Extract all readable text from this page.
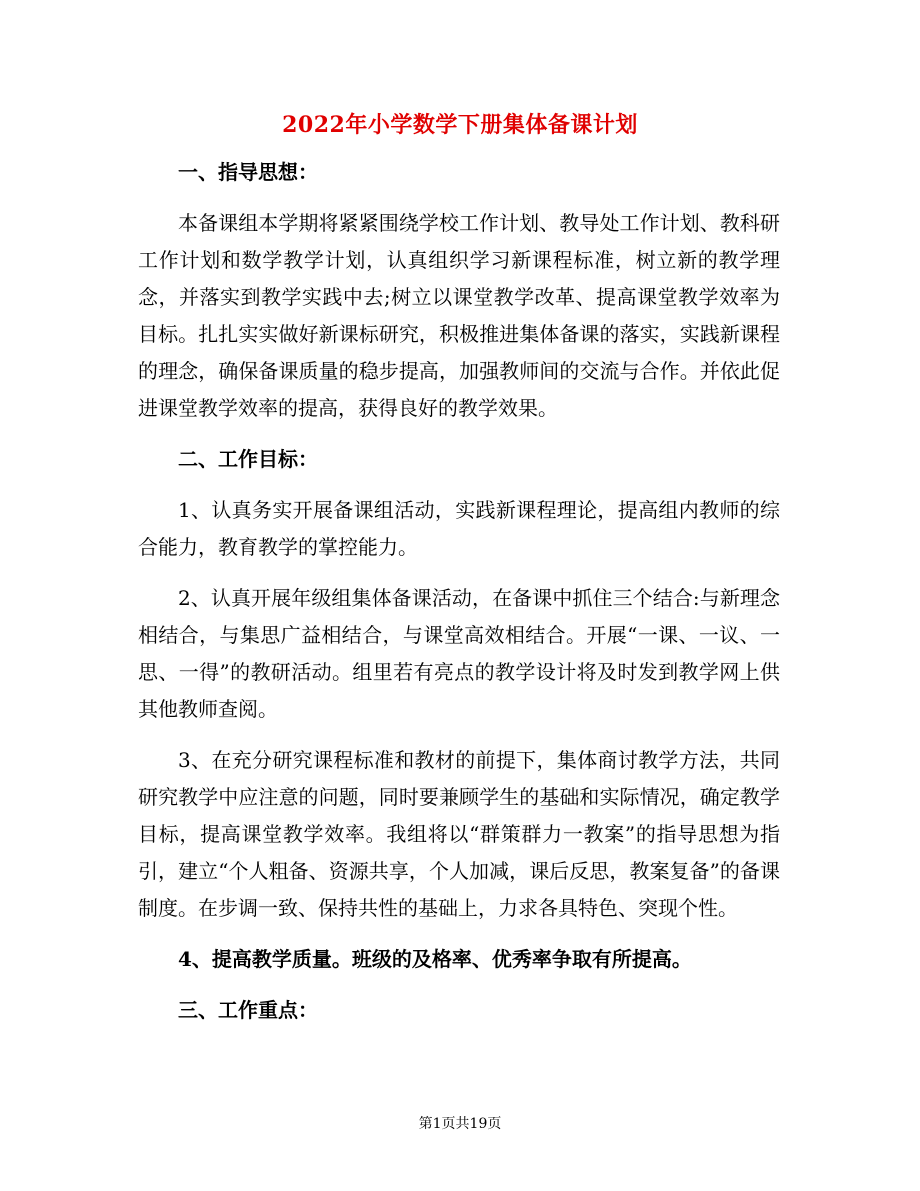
2022年小学数学下册集体备课计划

一、指导思想：

本备课组本学期将紧紧围绕学校工作计划、教导处工作计划、教科研工作计划和数学教学计划，认真组织学习新课程标准，树立新的教学理念，并落实到教学实践中去;树立以课堂教学改革、提高课堂教学效率为目标。扎扎实实做好新课标研究，积极推进集体备课的落实，实践新课程的理念，确保备课质量的稳步提高，加强教师间的交流与合作。并依此促进课堂教学效率的提高，获得良好的教学效果。

二、工作目标：

1、认真务实开展备课组活动，实践新课程理论，提高组内教师的综合能力，教育教学的掌控能力。

2、认真开展年级组集体备课活动，在备课中抓住三个结合:与新理念相结合，与集思广益相结合，与课堂高效相结合。开展“一课、一议、一思、一得”的教研活动。组里若有亮点的教学设计将及时发到教学网上供其他教师查阅。

3、在充分研究课程标准和教材的前提下，集体商讨教学方法，共同研究教学中应注意的问题，同时要兼顾学生的基础和实际情况，确定教学目标，提高课堂教学效率。我组将以“群策群力一教案”的指导思想为指引，建立“个人粗备、资源共享，个人加减，课后反思，教案复备”的备课制度。在步调一致、保持共性的基础上，力求各具特色、突现个性。

4、提高教学质量。班级的及格率、优秀率争取有所提高。

三、工作重点：

第1页共19页
